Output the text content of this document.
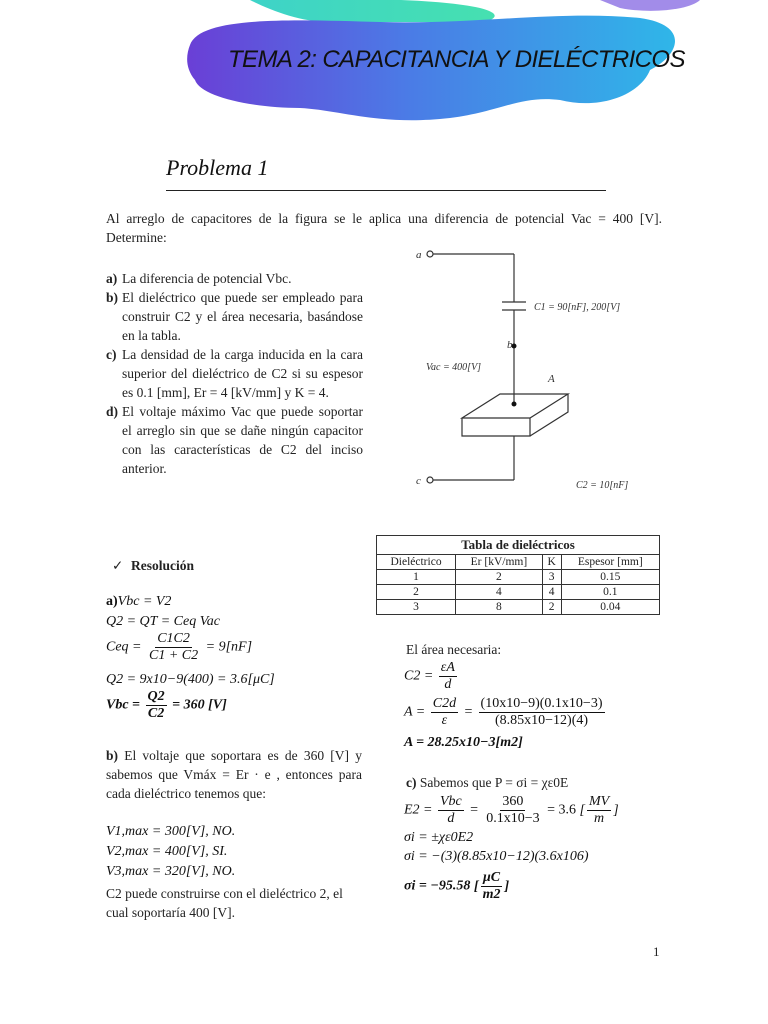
TEMA 2: CAPACITANCIA Y DIELÉCTRICOS
Problema 1
Al arreglo de capacitores de la figura se le aplica una diferencia de potencial Vac = 400 [V]. Determine:
a) La diferencia de potencial Vbc.
b) El dieléctrico que puede ser empleado para construir C2 y el área necesaria, basándose en la tabla.
c) La densidad de la carga inducida en la cara superior del dieléctrico de C2 si su espesor es 0.1 [mm], Er = 4 [kV/mm] y K = 4.
d) El voltaje máximo Vac que puede soportar el arreglo sin que se dañe ningún capacitor con las características de C2 del inciso anterior.
a
b
c
A
C1 = 90[nF], 200[V]
Vac = 400[V]
C2 = 10[nF]
Tabla de dieléctricos			
Dieléctrico	Er [kV/mm]	K	Espesor [mm]
1	2	3	0.15
2	4	4	0.1
3	8	2	0.04
✓ Resolución
a)Vbc = V2
Q2 = QT = Ceq Vac
Ceq = $\frac{C1C2}{C1 + C2} = 9[nF]$
Q2 = 9x10−9(400) = 3.6[μC]
Vbc = $\frac{Q2}{C2} = 360$ [V]
b) El voltaje que soportara es de 360 [V] y sabemos que Vmáx = Er · e , entonces para cada dieléctrico tenemos que:
V1,max = 300[V], NO.
V2,max = 400[V], SI.
V3,max = 320[V], NO.
C2 puede construirse con el dieléctrico 2, el cual soportaría 400 [V].
El área necesaria:
$C2 = \frac{\varepsilon A}{d}$
$A = \frac{C2d}{\varepsilon} = \frac{(10x10-9)(0.1x10-3)}{(8.85x10-12)(4)}$
A = 28.25x10−3[m2]
c) Sabemos que P = σi = χε0E
$E2 = \frac{\text{Vbc}}{d} = \frac{360}{0.1x10-3} = 3.6$ [ $\frac{MV}{m}$ ]
σi = ±χε0E2
σi = −(3)(8.85x10−12)(3.6x106)
σi = −95.58 [ $\frac{\mu C}{m2}$ ]
1
